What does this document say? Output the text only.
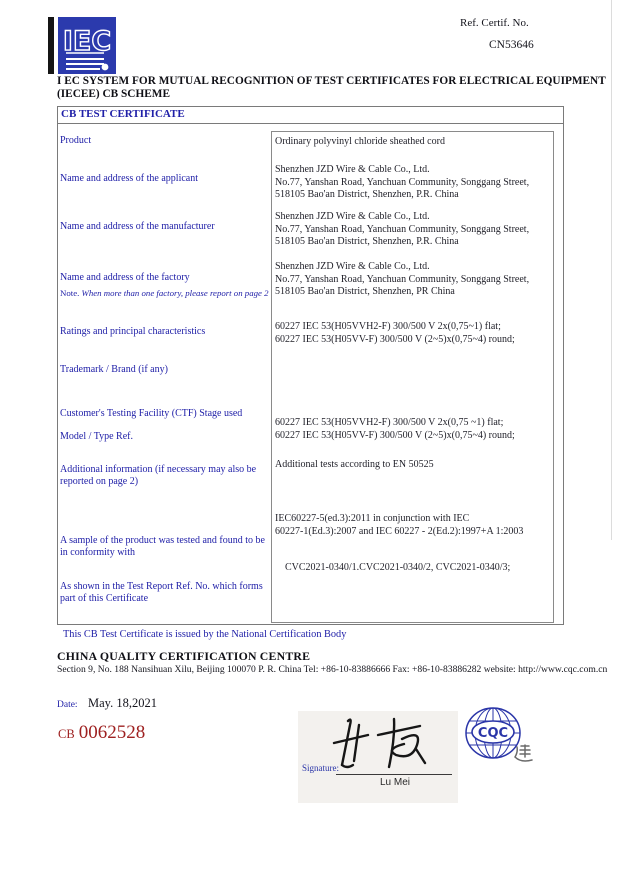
IEC
Ref. Certif. No.
CN53646
I EC SYSTEM FOR MUTUAL RECOGNITION OF TEST CERTIFICATES FOR ELECTRICAL EQUIPMENT (IECEE) CB SCHEME
CB TEST CERTIFICATE
Ordinary polyvinyl chloride sheathed cord
Shenzhen JZD Wire & Cable Co., Ltd.
No.77, Yanshan Road, Yanchuan Community, Songgang Street,
518105 Bao'an District, Shenzhen, P.R. China
Shenzhen JZD Wire & Cable Co., Ltd.
No.77, Yanshan Road, Yanchuan Community, Songgang Street,
518105 Bao'an District, Shenzhen, P.R. China
Shenzhen JZD Wire & Cable Co., Ltd.
No.77, Yanshan Road, Yanchuan Community, Songgang Street,
518105 Bao'an District, Shenzhen, PR China
60227 IEC 53(H05VVH2-F) 300/500 V 2x(0,75~1) flat;
60227 IEC 53(H05VV-F) 300/500 V (2~5)x(0,75~4) round;
60227 IEC 53(H05VVH2-F) 300/500 V 2x(0,75 ~1) flat;
60227 IEC 53(H05VV-F) 300/500 V (2~5)x(0,75~4) round;
Additional tests according to EN 50525
IEC60227-5(ed.3):2011 in conjunction with IEC
60227-1(Ed.3):2007 and IEC 60227 - 2(Ed.2):1997+A 1:2003
CVC2021-0340/1.CVC2021-0340/2, CVC2021-0340/3;
Product
Name and address of the applicant
Name and address of the manufacturer
Name and address of the factory
Note. When more than one factory, please report on page 2
Ratings and principal characteristics
Trademark / Brand (if any)
Customer's Testing Facility (CTF) Stage used
Model / Type Ref.
Additional information (if necessary may also be reported on page 2)
A sample of the product was tested and found to be in conformity with
As shown in the Test Report Ref. No. which forms part of this Certificate
This CB Test Certificate is issued by the National Certification Body
CHINA QUALITY CERTIFICATION CENTRE
Section 9, No. 188 Nansihuan Xilu, Beijing 100070 P. R. China Tel: +86-10-83886666 Fax: +86-10-83886282 website: http://www.cqc.com.cn
Date: May. 18,2021
CB 0062528
Signature:
Lu Mei
CQC
